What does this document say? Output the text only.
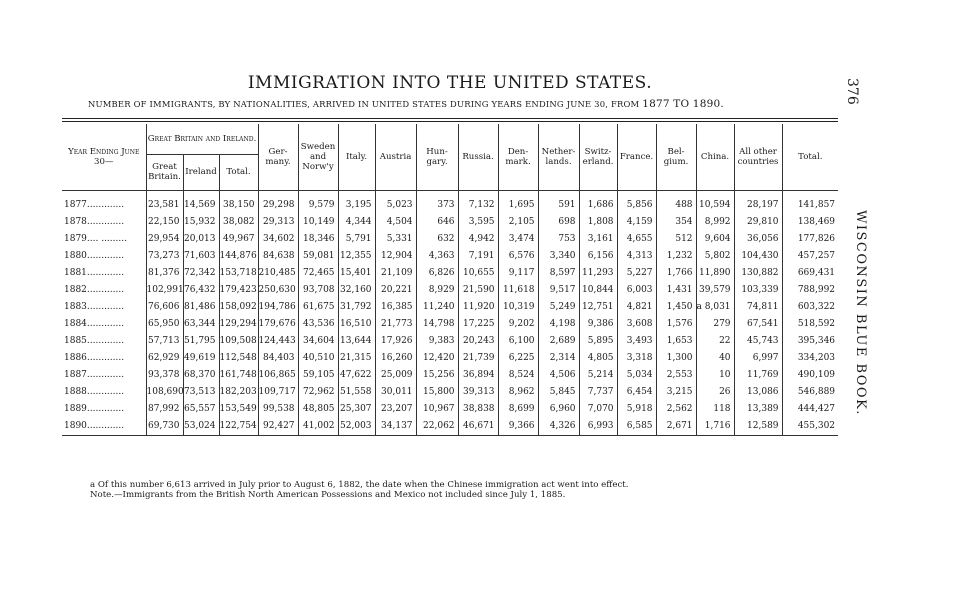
IMMIGRATION INTO THE UNITED STATES.
NUMBER OF IMMIGRANTS, BY NATIONALITIES, ARRIVED IN UNITED STATES DURING YEARS ENDING JUNE 30, FROM 1877 TO 1890.	376
WISCONSIN BLUE BOOK.
Year Ending June 30—	Great Britain and Ireland.			Ger-many.	Sweden and Norw'y	Italy.	Austria	Hun-gary.	Russia.	Den-mark.	Nether-lands.	Switz-erland.	France.	Bel-gium.	China.	All other countries	Total.
	Great Britain.	Ireland	Total.														
1877.............	23,581	14,569	38,150	29,298	9,579	3,195	5,023	373	7,132	1,695	591	1,686	5,856	488	10,594	28,197	141,857
1878.............	22,150	15,932	38,082	29,313	10,149	4,344	4,504	646	3,595	2,105	698	1,808	4,159	354	8,992	29,810	138,469
1879.... .........	29,954	20,013	49,967	34,602	18,346	5,791	5,331	632	4,942	3,474	753	3,161	4,655	512	9,604	36,056	177,826
1880.............	73,273	71,603	144,876	84,638	59,081	12,355	12,904	4,363	7,191	6,576	3,340	6,156	4,313	1,232	5,802	104,430	457,257
1881.............	81,376	72,342	153,718	210,485	72,465	15,401	21,109	6,826	10,655	9,117	8,597	11,293	5,227	1,766	11,890	130,882	669,431
1882.............	102,991	76,432	179,423	250,630	93,708	32,160	20,221	8,929	21,590	11,618	9,517	10,844	6,003	1,431	39,579	103,339	788,992
1883.............	76,606	81,486	158,092	194,786	61,675	31,792	16,385	11,240	11,920	10,319	5,249	12,751	4,821	1,450	a 8,031	74,811	603,322
1884.............	65,950	63,344	129,294	179,676	43,536	16,510	21,773	14,798	17,225	9,202	4,198	9,386	3,608	1,576	279	67,541	518,592
1885.............	57,713	51,795	109,508	124,443	34,604	13,644	17,926	9,383	20,243	6,100	2,689	5,895	3,493	1,653	22	45,743	395,346
1886.............	62,929	49,619	112,548	84,403	40,510	21,315	16,260	12,420	21,739	6,225	2,314	4,805	3,318	1,300	40	6,997	334,203
1887.............	93,378	68,370	161,748	106,865	59,105	47,622	25,009	15,256	36,894	8,524	4,506	5,214	5,034	2,553	10	11,769	490,109
1888.............	108,690	73,513	182,203	109,717	72,962	51,558	30,011	15,800	39,313	8,962	5,845	7,737	6,454	3,215	26	13,086	546,889
1889.............	87,992	65,557	153,549	99,538	48,805	25,307	23,207	10,967	38,838	8,699	6,960	7,070	5,918	2,562	118	13,389	444,427
1890.............	69,730	53,024	122,754	92,427	41,002	52,003	34,137	22,062	46,671	9,366	4,326	6,993	6,585	2,671	1,716	12,589	455,302
a Of this number 6,613 arrived in July prior to August 6, 1882, the date when the Chinese immigration act went into effect.
Note.—Immigrants from the British North American Possessions and Mexico not included since July 1, 1885.
